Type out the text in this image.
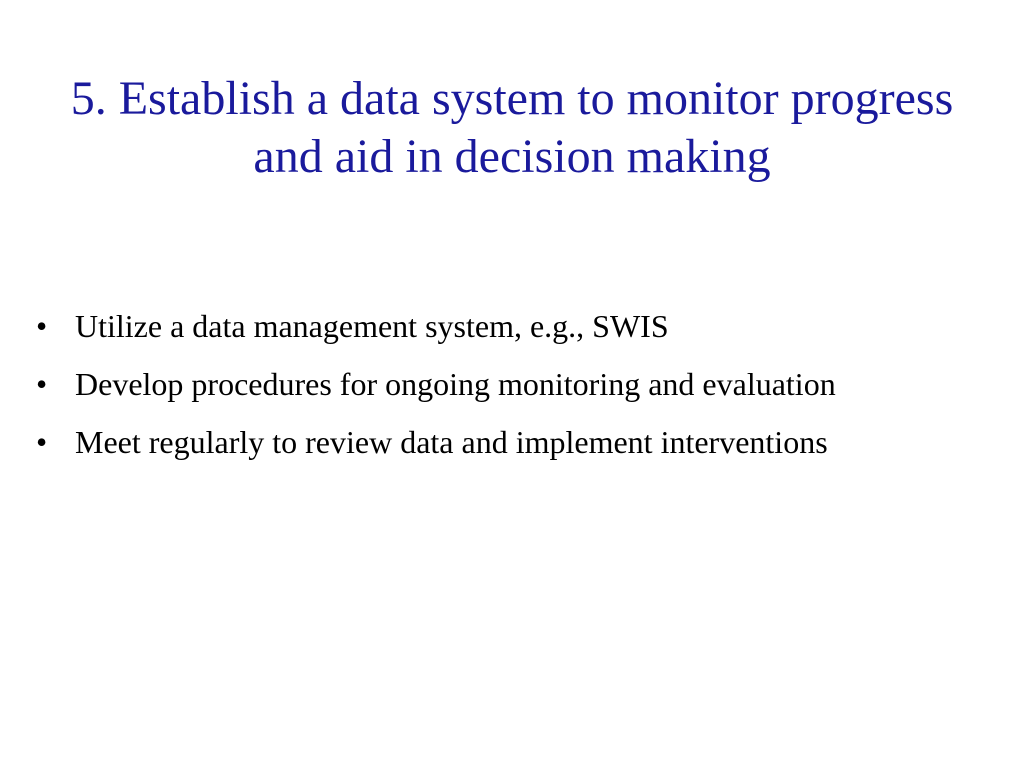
5. Establish a data system to monitor progress and aid in decision making
• Utilize a data management system, e.g., SWIS
• Develop procedures for ongoing monitoring and evaluation
• Meet regularly to review data and implement interventions
